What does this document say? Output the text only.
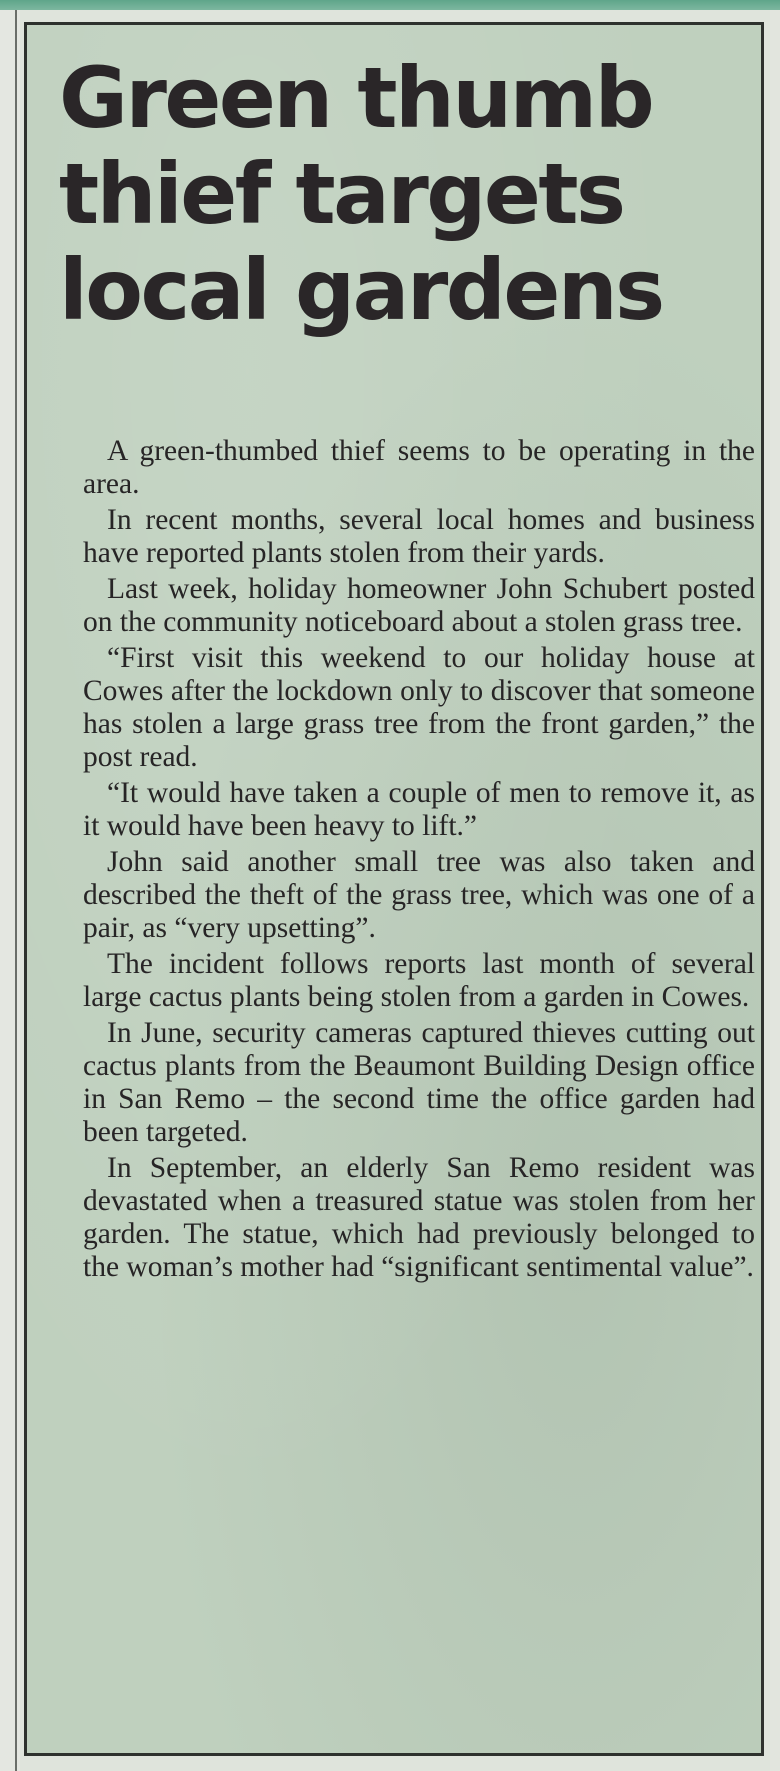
Green thumb
thief targets
local gardens

A green-thumbed thief seems to be operating in the area.

In recent months, several local homes and business have reported plants stolen from their yards.

Last week, holiday homeowner John Schubert posted on the community noticeboard about a stolen grass tree.

“First visit this weekend to our holiday house at Cowes after the lockdown only to discover that someone has stolen a large grass tree from the front garden,” the post read.

“It would have taken a couple of men to remove it, as it would have been heavy to lift.”

John said another small tree was also taken and described the theft of the grass tree, which was one of a pair, as “very upsetting”.

The incident follows reports last month of several large cactus plants being stolen from a garden in Cowes.

In June, security cameras captured thieves cutting out cactus plants from the Beaumont Building Design office in San Remo – the second time the office garden had been targeted.

In September, an elderly San Remo resident was devastated when a treasured statue was stolen from her garden. The statue, which had previously belonged to the woman’s mother had “significant sentimental value”.
